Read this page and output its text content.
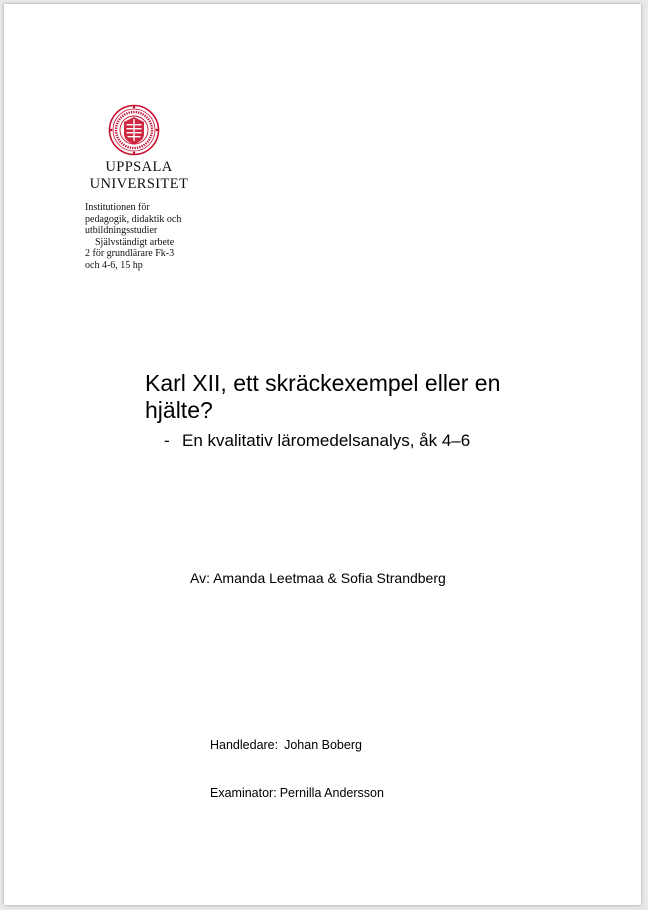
UPPSALA
UNIVERSITET
Institutionen för
pedagogik, didaktik och
utbildningsstudier
Självständigt arbete
2 för grundlärare Fk-3
och 4-6, 15 hp
Karl XII, ett skräckexempel eller en hjälte?
- En kvalitativ läromedelsanalys, åk 4–6
Av: Amanda Leetmaa & Sofia Strandberg
Handledare: Johan Boberg
Examinator: Pernilla Andersson
